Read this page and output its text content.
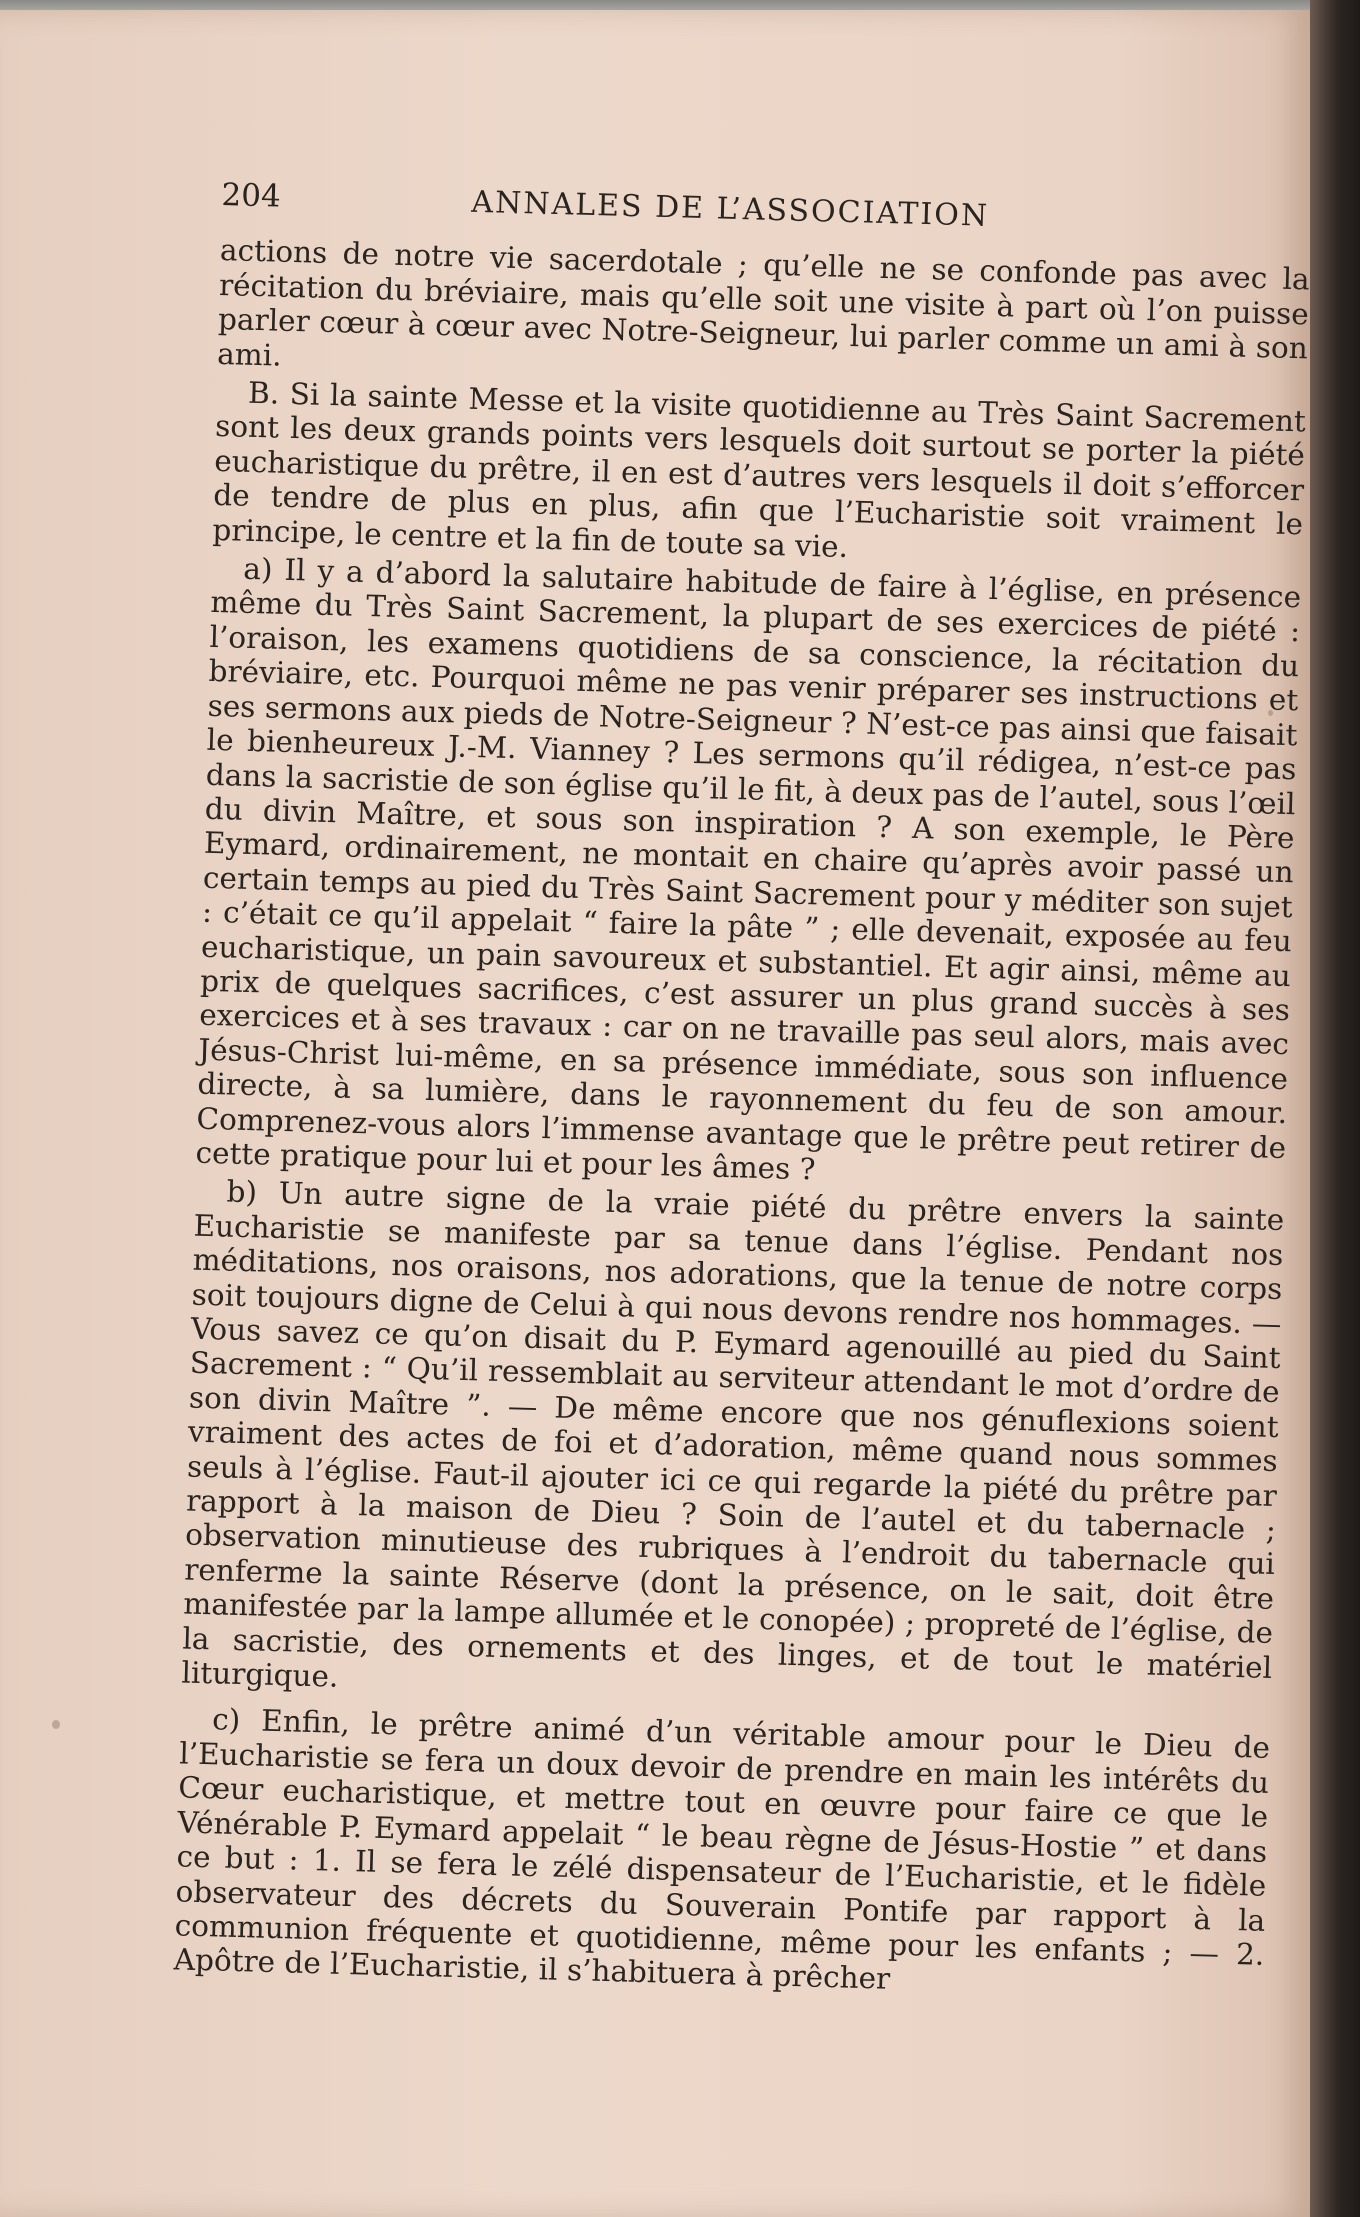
204	ANNALES DE L’ASSOCIATION

actions de notre vie sacerdotale ; qu’elle ne se confonde pas avec la récitation du bréviaire, mais qu’elle soit une visite à part où l’on puisse parler cœur à cœur avec Notre-Seigneur, lui parler comme un ami à son ami.

B. Si la sainte Messe et la visite quotidienne au Très Saint Sacrement sont les deux grands points vers lesquels doit surtout se porter la piété eucharistique du prêtre, il en est d’autres vers lesquels il doit s’efforcer de tendre de plus en plus, afin que l’Eucharistie soit vraiment le principe, le centre et la fin de toute sa vie.

a) Il y a d’abord la salutaire habitude de faire à l’église, en présence même du Très Saint Sacrement, la plupart de ses exercices de piété : l’oraison, les examens quotidiens de sa conscience, la récitation du bréviaire, etc. Pourquoi même ne pas venir préparer ses instructions et ses sermons aux pieds de Notre-Seigneur ? N’est-ce pas ainsi que faisait le bienheureux J.-M. Vianney ? Les sermons qu’il rédigea, n’est-ce pas dans la sacristie de son église qu’il le fit, à deux pas de l’autel, sous l’œil du divin Maître, et sous son inspiration ? A son exemple, le Père Eymard, ordinairement, ne montait en chaire qu’après avoir passé un certain temps au pied du Très Saint Sacrement pour y méditer son sujet : c’était ce qu’il appelait “ faire la pâte ” ; elle devenait, exposée au feu eucharistique, un pain savoureux et substantiel. Et agir ainsi, même au prix de quelques sacrifices, c’est assurer un plus grand succès à ses exercices et à ses travaux : car on ne travaille pas seul alors, mais avec Jésus-Christ lui-même, en sa présence immédiate, sous son influence directe, à sa lumière, dans le rayonnement du feu de son amour. Comprenez-vous alors l’immense avantage que le prêtre peut retirer de cette pratique pour lui et pour les âmes ?

b) Un autre signe de la vraie piété du prêtre envers la sainte Eucharistie se manifeste par sa tenue dans l’église. Pendant nos méditations, nos oraisons, nos adorations, que la tenue de notre corps soit toujours digne de Celui à qui nous devons rendre nos hommages. — Vous savez ce qu’on disait du P. Eymard agenouillé au pied du Saint Sacrement : “ Qu’il ressemblait au serviteur attendant le mot d’ordre de son divin Maître ”. — De même encore que nos génuflexions soient vraiment des actes de foi et d’adoration, même quand nous sommes seuls à l’église. Faut-il ajouter ici ce qui regarde la piété du prêtre par rapport à la maison de Dieu ? Soin de l’autel et du tabernacle ; observation minutieuse des rubriques à l’endroit du tabernacle qui renferme la sainte Réserve (dont la présence, on le sait, doit être manifestée par la lampe allumée et le conopée) ; propreté de l’église, de la sacristie, des ornements et des linges, et de tout le matériel liturgique.

c) Enfin, le prêtre animé d’un véritable amour pour le Dieu de l’Eucharistie se fera un doux devoir de prendre en main les intérêts du Cœur eucharistique, et mettre tout en œuvre pour faire ce que le Vénérable P. Eymard appelait “ le beau règne de Jésus-Hostie ” et dans ce but : 1. Il se fera le zélé dispensateur de l’Eucharistie, et le fidèle observateur des décrets du Souverain Pontife par rapport à la communion fréquente et quotidienne, même pour les enfants ; — 2. Apôtre de l’Eucharistie, il s’habituera à prêcher
